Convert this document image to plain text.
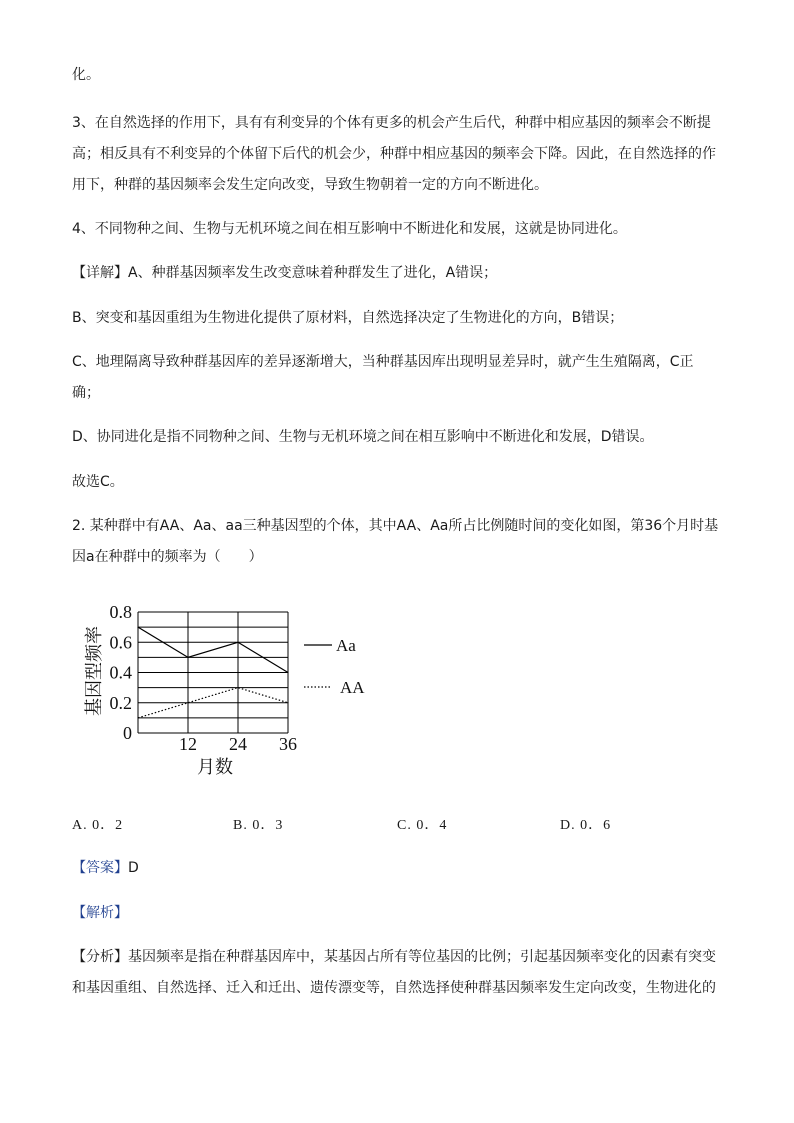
化。
3、在自然选择的作用下，具有有利变异的个体有更多的机会产生后代，种群中相应基因的频率会不断提
高；相反具有不利变异的个体留下后代的机会少，种群中相应基因的频率会下降。因此，在自然选择的作
用下，种群的基因频率会发生定向改变，导致生物朝着一定的方向不断进化。
4、不同物种之间、生物与无机环境之间在相互影响中不断进化和发展，这就是协同进化。
【详解】A、种群基因频率发生改变意味着种群发生了进化，A错误；
B、突变和基因重组为生物进化提供了原材料，自然选择决定了生物进化的方向，B错误；
C、地理隔离导致种群基因库的差异逐渐增大，当种群基因库出现明显差异时，就产生生殖隔离，C正
确；
D、协同进化是指不同物种之间、生物与无机环境之间在相互影响中不断进化和发展，D错误。
故选C。
2. 某种群中有AA、Aa、aa三种基因型的个体，其中AA、Aa所占比例随时间的变化如图，第36个月时基
因a在种群中的频率为（　　）
0
0.2
0.4
0.6
0.8
12 24 36
基因型频率
月数
Aa
AA
A. 0．2	B. 0．3	C. 0．4	D. 0．6
【答案】D
【解析】
【分析】基因频率是指在种群基因库中，某基因占所有等位基因的比例；引起基因频率变化的因素有突变
和基因重组、自然选择、迁入和迁出、遗传漂变等，自然选择使种群基因频率发生定向改变，生物进化的
